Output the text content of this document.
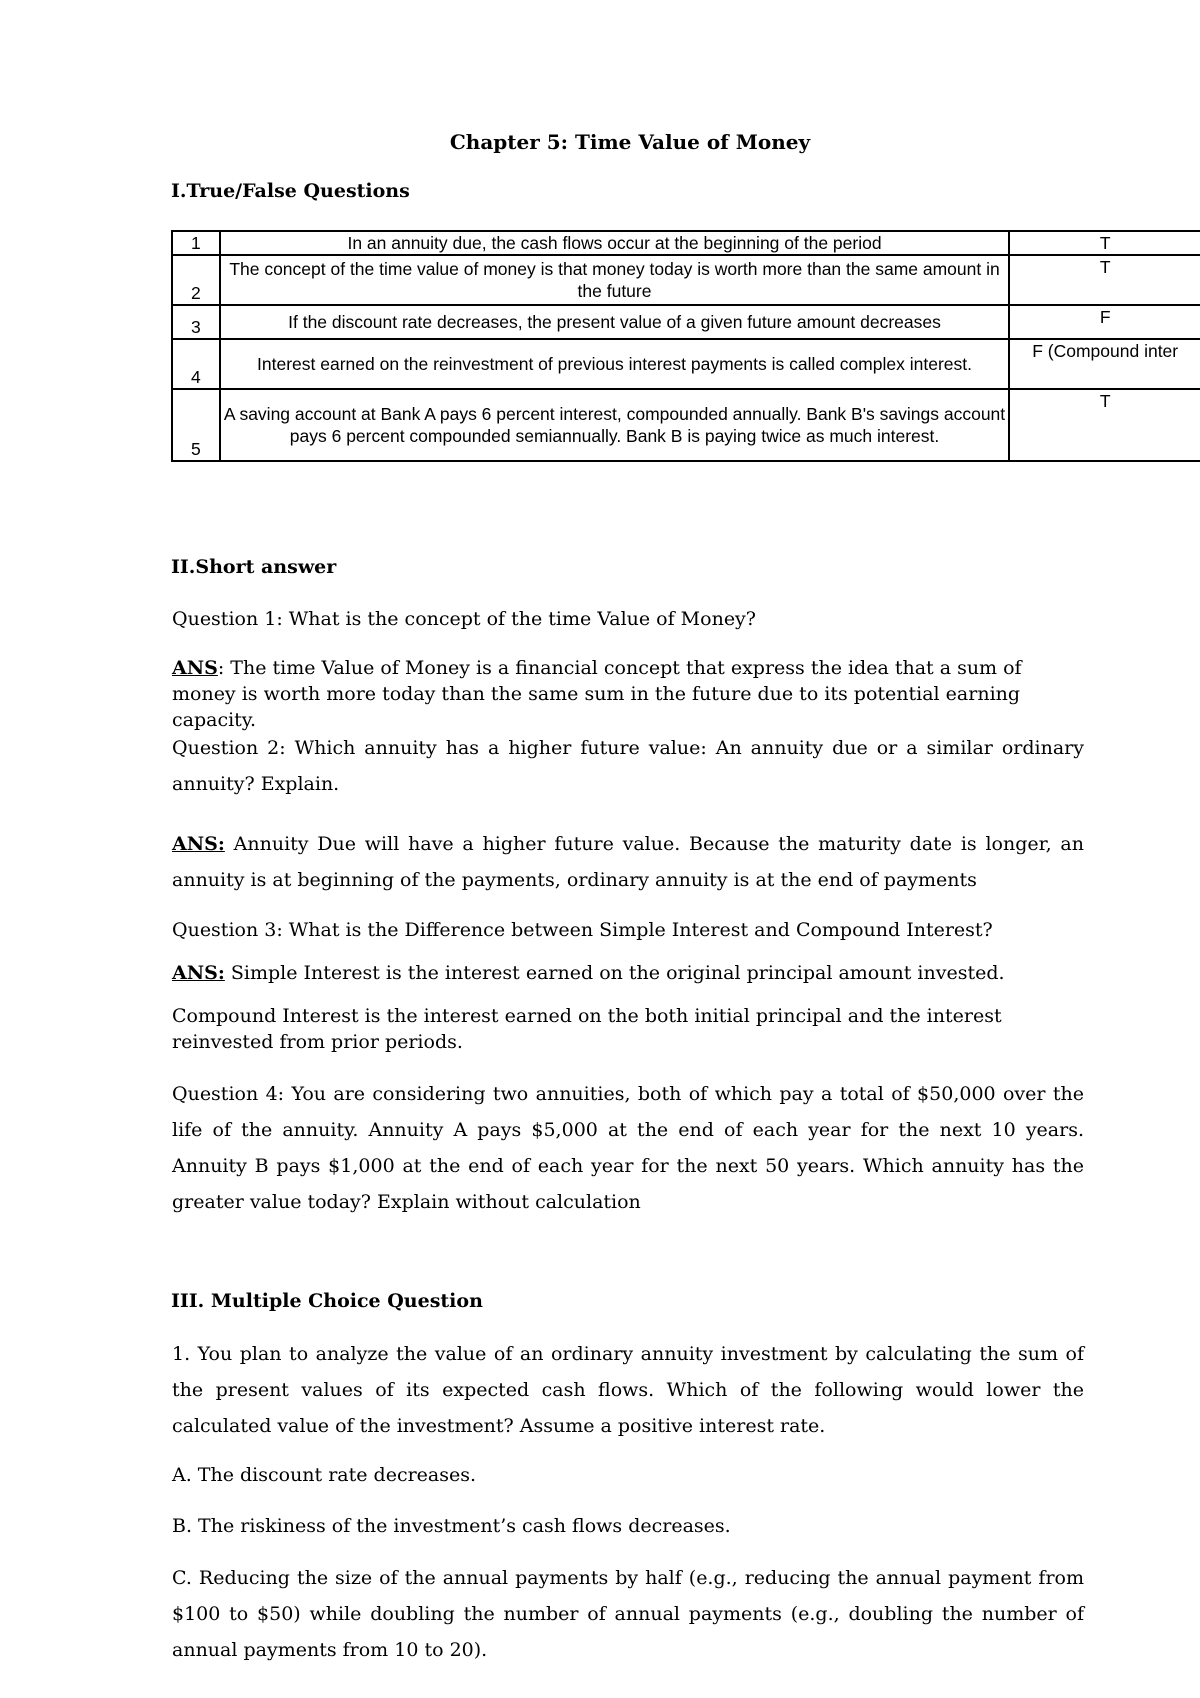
Chapter 5: Time Value of Money
I.True/False Questions
1	In an annuity due, the cash flows occur at the beginning of the period	T
2	The concept of the time value of money is that money today is worth more than the same amount in the future	T
3	If the discount rate decreases, the present value of a given future amount decreases	F
4	Interest earned on the reinvestment of previous interest payments is called complex interest.	F (Compound inter
5	A saving account at Bank A pays 6 percent interest, compounded annually. Bank B's savings account pays 6 percent compounded semiannually. Bank B is paying twice as much interest.	T
II.Short answer
Question 1: What is the concept of the time Value of Money?
ANS: The time Value of Money is a financial concept that express the idea that a sum of money is worth more today than the same sum in the future due to its potential earning capacity.
Question 2: Which annuity has a higher future value: An annuity due or a similar ordinary annuity? Explain.
ANS: Annuity Due will have a higher future value. Because the maturity date is longer, an annuity is at beginning of the payments, ordinary annuity is at the end of payments
Question 3: What is the Difference between Simple Interest and Compound Interest?
ANS: Simple Interest is the interest earned on the original principal amount invested.
Compound Interest is the interest earned on the both initial principal and the interest reinvested from prior periods.
Question 4: You are considering two annuities, both of which pay a total of $50,000 over the life of the annuity. Annuity A pays $5,000 at the end of each year for the next 10 years. Annuity B pays $1,000 at the end of each year for the next 50 years. Which annuity has the greater value today? Explain without calculation
III. Multiple Choice Question
1. You plan to analyze the value of an ordinary annuity investment by calculating the sum of the present values of its expected cash flows. Which of the following would lower the calculated value of the investment? Assume a positive interest rate.
A. The discount rate decreases.
B. The riskiness of the investment’s cash flows decreases.
C. Reducing the size of the annual payments by half (e.g., reducing the annual payment from $100 to $50) while doubling the number of annual payments (e.g., doubling the number of annual payments from 10 to 20).
